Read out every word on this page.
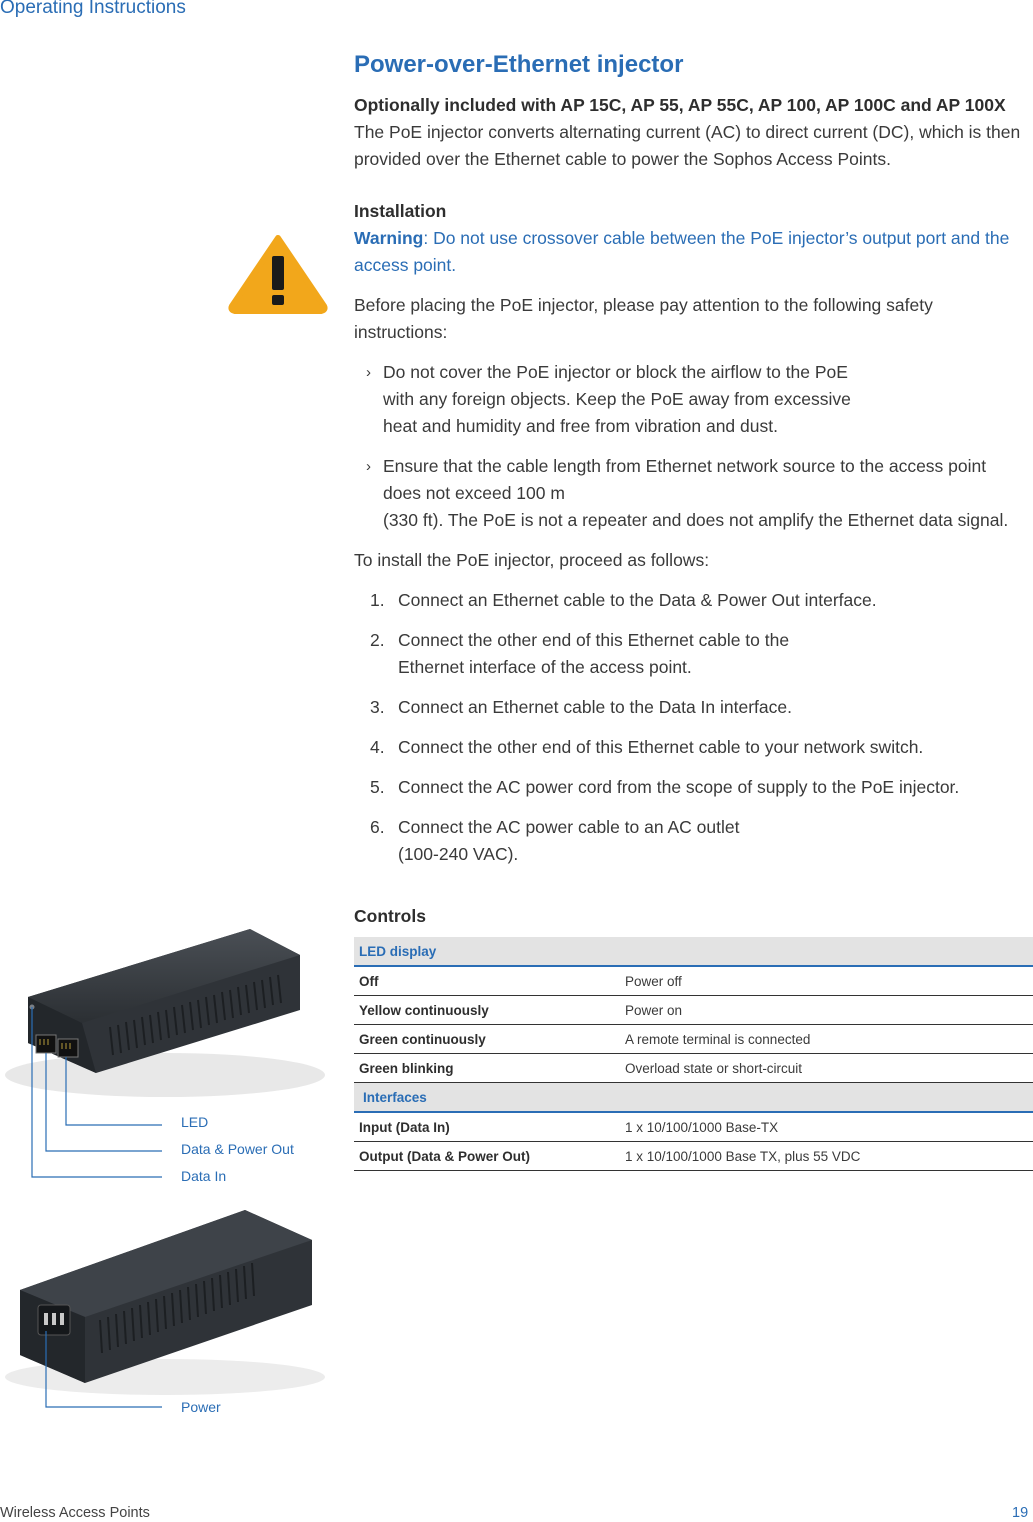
Operating Instructions
Power-over-Ethernet injector

Optionally included with AP 15C, AP 55, AP 55C, AP 100, AP 100C and AP 100X

The PoE injector converts alternating current (AC) to direct current (DC), which is then provided over the Ethernet cable to power the Sophos Access Points.

Installation

Warning: Do not use crossover cable between the PoE injector’s output port and the access point.

Before placing the PoE injector, please pay attention to the following safety instructions:

› Do not cover the PoE injector or block the airflow to the PoE
with any foreign objects. Keep the PoE away from excessive
heat and humidity and free from vibration and dust.
› Ensure that the cable length from Ethernet network source to the access point
does not exceed 100 m
(330 ft). The PoE is not a repeater and does not amplify the Ethernet data signal.

To install the PoE injector, proceed as follows:

1. Connect an Ethernet cable to the Data & Power Out interface.
2. Connect the other end of this Ethernet cable to the
Ethernet interface of the access point.
3. Connect an Ethernet cable to the Data In interface.
4. Connect the other end of this Ethernet cable to your network switch.
5. Connect the AC power cord from the scope of supply to the PoE injector.
6. Connect the AC power cable to an AC outlet
(100-240 VAC).
Controls
LED display	
Off	Power off
Yellow continuously	Power on
Green continuously	A remote terminal is connected
Green blinking	Overload state or short-circuit
Interfaces	
Input (Data In)	1 x 10/100/1000 Base-TX
Output (Data & Power Out)	1 x 10/100/1000 Base TX, plus 55 VDC
LED
Data & Power Out
Data In
Power
Wireless Access Points	19
